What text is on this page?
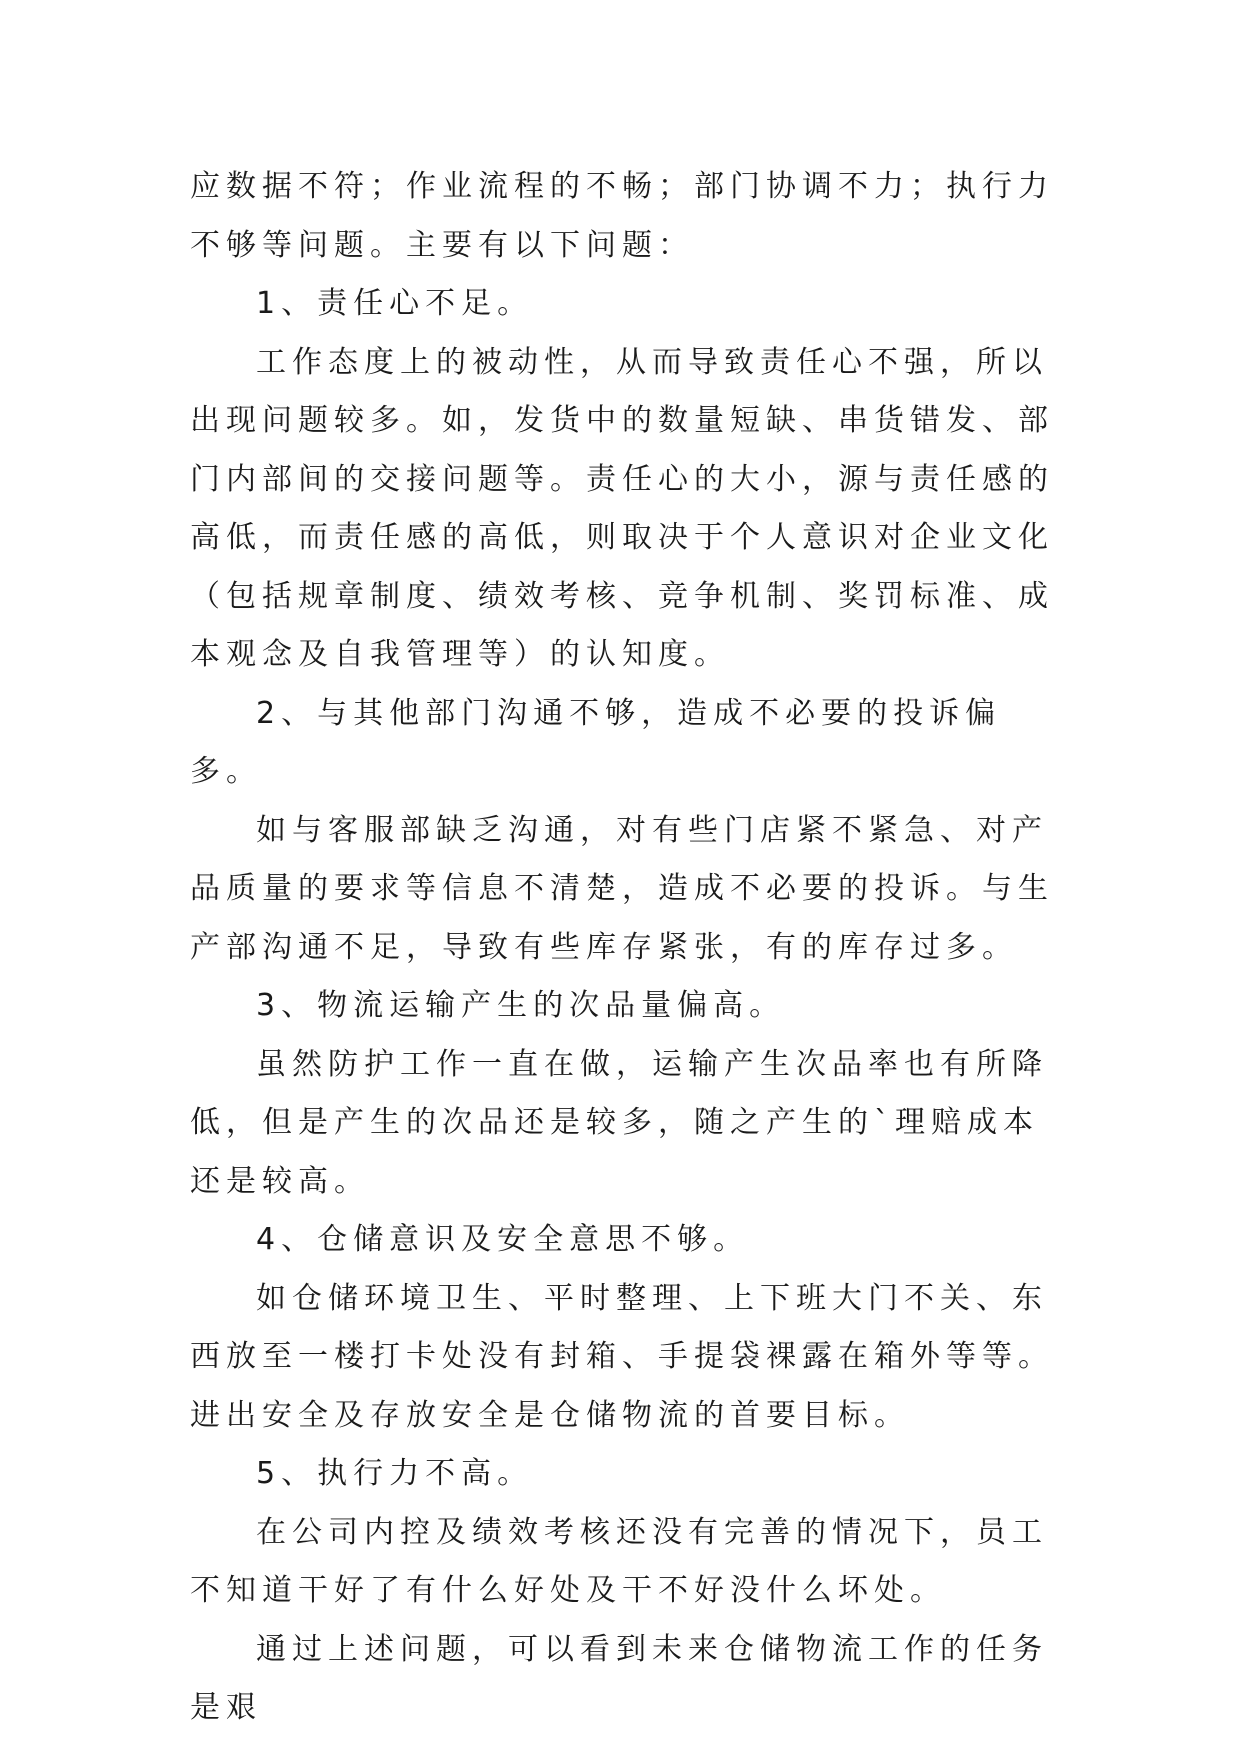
应数据不符；作业流程的不畅；部门协调不力；执行力不够等问题。主要有以下问题：

1、责任心不足。

工作态度上的被动性，从而导致责任心不强，所以出现问题较多。如，发货中的数量短缺、串货错发、部门内部间的交接问题等。责任心的大小，源与责任感的高低，而责任感的高低，则取决于个人意识对企业文化（包括规章制度、绩效考核、竞争机制、奖罚标准、成本观念及自我管理等）的认知度。

2、与其他部门沟通不够，造成不必要的投诉偏多。

如与客服部缺乏沟通，对有些门店紧不紧急、对产品质量的要求等信息不清楚，造成不必要的投诉。与生产部沟通不足，导致有些库存紧张，有的库存过多。

3、物流运输产生的次品量偏高。

虽然防护工作一直在做，运输产生次品率也有所降低，但是产生的次品还是较多，随之产生的`理赔成本还是较高。

4、仓储意识及安全意思不够。

如仓储环境卫生、平时整理、上下班大门不关、东西放至一楼打卡处没有封箱、手提袋裸露在箱外等等。进出安全及存放安全是仓储物流的首要目标。

5、执行力不高。

在公司内控及绩效考核还没有完善的情况下，员工不知道干好了有什么好处及干不好没什么坏处。

通过上述问题，可以看到未来仓储物流工作的任务是艰
